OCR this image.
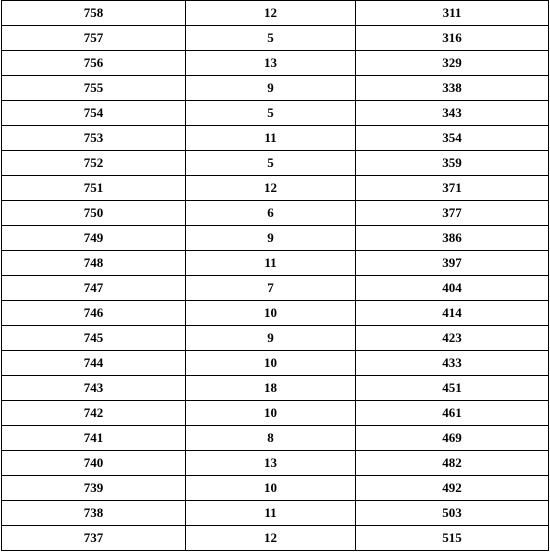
758	12	311
757	5	316
756	13	329
755	9	338
754	5	343
753	11	354
752	5	359
751	12	371
750	6	377
749	9	386
748	11	397
747	7	404
746	10	414
745	9	423
744	10	433
743	18	451
742	10	461
741	8	469
740	13	482
739	10	492
738	11	503
737	12	515
